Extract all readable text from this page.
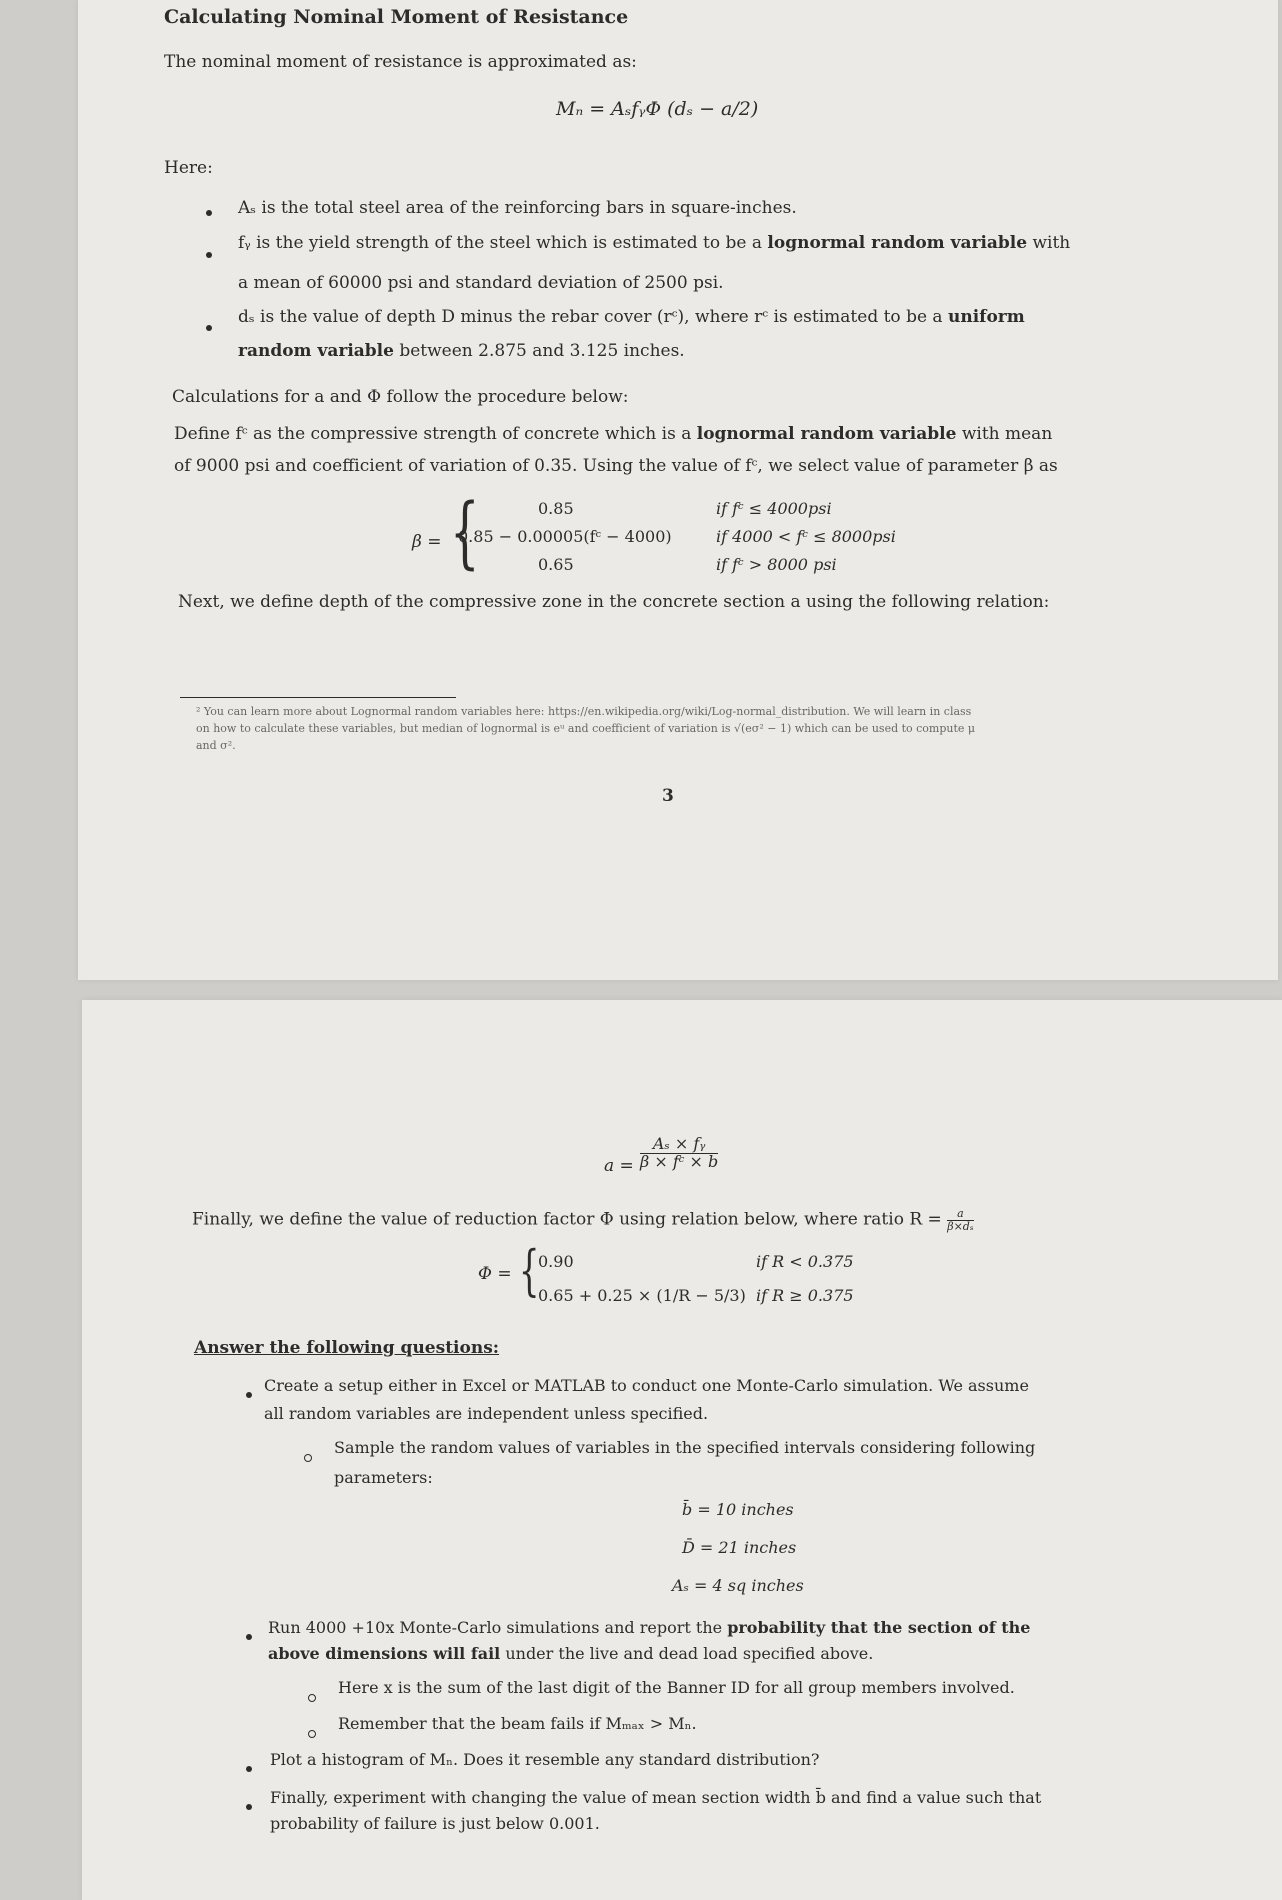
Calculating Nominal Moment of Resistance
The nominal moment of resistance is approximated as:
Mₙ = AₛfᵧΦ (dₛ − a/2)
Here:
Aₛ is the total steel area of the reinforcing bars in square-inches.
fᵧ is the yield strength of the steel which is estimated to be a lognormal random variable with
a mean of 60000 psi and standard deviation of 2500 psi.
dₛ is the value of depth D minus the rebar cover (rᶜ), where rᶜ is estimated to be a uniform
random variable between 2.875 and 3.125 inches.
Calculations for a and Φ follow the procedure below:
Define fᶜ as the compressive strength of concrete which is a lognormal random variable with mean
of 9000 psi and coefficient of variation of 0.35. Using the value of fᶜ, we select value of parameter β as
β = {	0.85	if fᶜ ≤ 4000psi
0.85 − 0.00005(fᶜ − 4000)	if 4000 < fᶜ ≤ 8000psi
0.65	if fᶜ > 8000 psi
Next, we define depth of the compressive zone in the concrete section a using the following relation:
² You can learn more about Lognormal random variables here: https://en.wikipedia.org/wiki/Log-normal_distribution. We will learn in class
on how to calculate these variables, but median of lognormal is eᵘ and coefficient of variation is √(eσ² − 1) which can be used to compute μ
and σ².
3
$a = \frac{\text{Aₛ × fᵧ}}{\text{β × fᶜ × b}}$
Finally, we define the value of reduction factor Φ using relation below, where ratio $R = \frac{a}{\text{β×dₛ}}$
Φ = {
0.90	if R < 0.375
0.65 + 0.25 × (1/R − 5/3) if R ≥ 0.375
Answer the following questions:
Create a setup either in Excel or MATLAB to conduct one Monte-Carlo simulation. We assume
all random variables are independent unless specified.
Sample the random values of variables in the specified intervals considering following
parameters:
b̄ = 10 inches
D̄ = 21 inches
Aₛ = 4 sq inches
Run 4000 +10x Monte-Carlo simulations and report the probability that the section of the
above dimensions will fail under the live and dead load specified above.
Here x is the sum of the last digit of the Banner ID for all group members involved.
Remember that the beam fails if Mₘₐₓ > Mₙ.
Plot a histogram of Mₙ. Does it resemble any standard distribution?
Finally, experiment with changing the value of mean section width b̄ and find a value such that
probability of failure is just below 0.001.
